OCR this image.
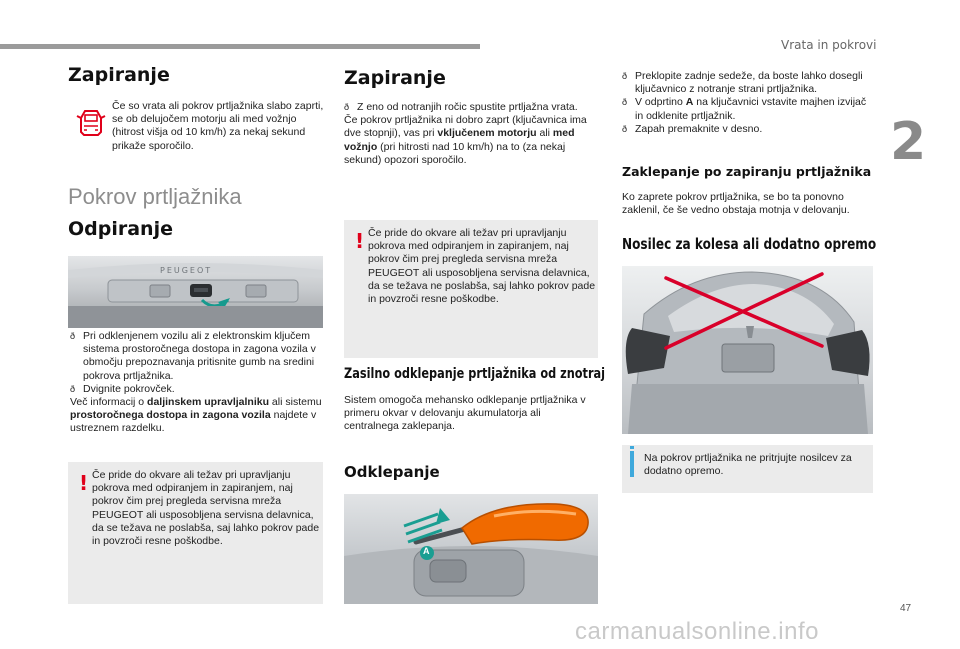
Vrata in pokrovi
2
47
carmanualsonline.info
Zapiranje
Če so vrata ali pokrov prtljažnika slabo zaprti, se ob delujočem motorju ali med vožnjo (hitrost višja od 10 km/h) za nekaj sekund prikaže sporočilo.
Pokrov prtljažnika
Odpiranje
PEUGEOT
ð Pri odklenjenem vozilu ali z elektronskim ključem sistema prostoročnega dostopa in zagona vozila v območju prepoznavanja pritisnite gumb na sredini pokrova prtljažnika.
ð Dvignite pokrovček.
Več informacij o daljinskem upravljalniku ali sistemu prostoročnega dostopa in zagona vozila najdete v ustreznem razdelku.
! Če pride do okvare ali težav pri upravljanju pokrova med odpiranjem in zapiranjem, naj pokrov čim prej pregleda servisna mreža PEUGEOT ali usposobljena servisna delavnica, da se težava ne poslabša, saj lahko pokrov pade in povzroči resne poškodbe.
Zapiranje
ð Z eno od notranjih ročic spustite prtljažna vrata.
Če pokrov prtljažnika ni dobro zaprt (ključavnica ima dve stopnji), vas pri vključenem motorju ali med vožnjo (pri hitrosti nad 10 km/h) na to (za nekaj sekund) opozori sporočilo.
! Če pride do okvare ali težav pri upravljanju pokrova med odpiranjem in zapiranjem, naj pokrov čim prej pregleda servisna mreža PEUGEOT ali usposobljena servisna delavnica, da se težava ne poslabša, saj lahko pokrov pade in povzroči resne poškodbe.
Zasilno odklepanje prtljažnika od znotraj
Sistem omogoča mehansko odklepanje prtljažnika v primeru okvar v delovanju akumulatorja ali centralnega zaklepanja.
Odklepanje
A
ð Preklopite zadnje sedeže, da boste lahko dosegli ključavnico z notranje strani prtljažnika.
ð V odprtino A na ključavnici vstavite majhen izvijač in odklenite prtljažnik.
ð Zapah premaknite v desno.
Zaklepanje po zapiranju prtljažnika
Ko zaprete pokrov prtljažnika, se bo ta ponovno zaklenil, če še vedno obstaja motnja v delovanju.
Nosilec za kolesa ali dodatno opremo
Na pokrov prtljažnika ne pritrjujte nosilcev za dodatno opremo.
